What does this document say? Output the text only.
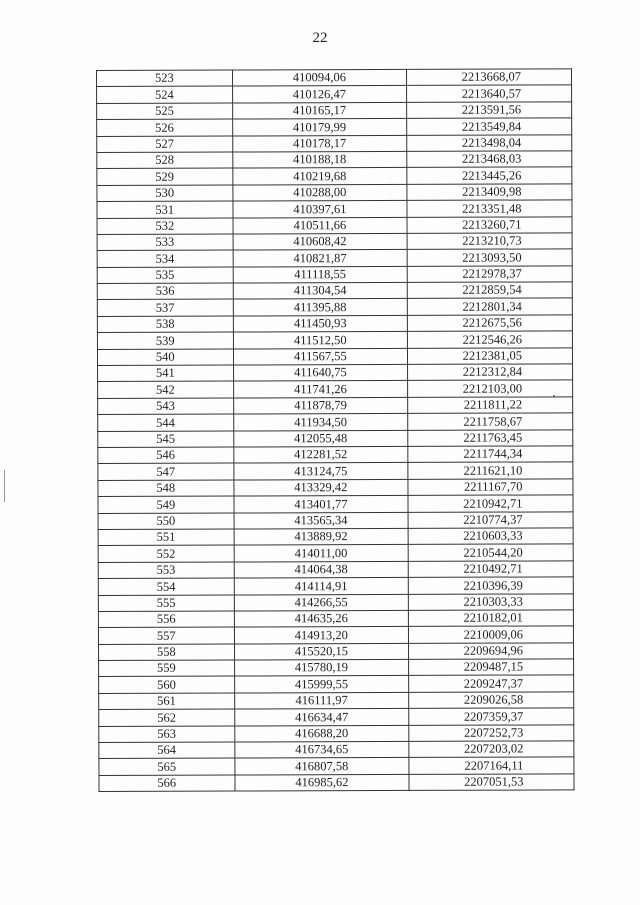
22
523	410094,06	2213668,07
524	410126,47	2213640,57
525	410165,17	2213591,56
526	410179,99	2213549,84
527	410178,17	2213498,04
528	410188,18	2213468,03
529	410219,68	2213445,26
530	410288,00	2213409,98
531	410397,61	2213351,48
532	410511,66	2213260,71
533	410608,42	2213210,73
534	410821,87	2213093,50
535	411118,55	2212978,37
536	411304,54	2212859,54
537	411395,88	2212801,34
538	411450,93	2212675,56
539	411512,50	2212546,26
540	411567,55	2212381,05
541	411640,75	2212312,84
542	411741,26	2212103,00
543	411878,79	2211811,22
544	411934,50	2211758,67
545	412055,48	2211763,45
546	412281,52	2211744,34
547	413124,75	2211621,10
548	413329,42	2211167,70
549	413401,77	2210942,71
550	413565,34	2210774,37
551	413889,92	2210603,33
552	414011,00	2210544,20
553	414064,38	2210492,71
554	414114,91	2210396,39
555	414266,55	2210303,33
556	414635,26	2210182,01
557	414913,20	2210009,06
558	415520,15	2209694,96
559	415780,19	2209487,15
560	415999,55	2209247,37
561	416111,97	2209026,58
562	416634,47	2207359,37
563	416688,20	2207252,73
564	416734,65	2207203,02
565	416807,58	2207164,11
566	416985,62	2207051,53
